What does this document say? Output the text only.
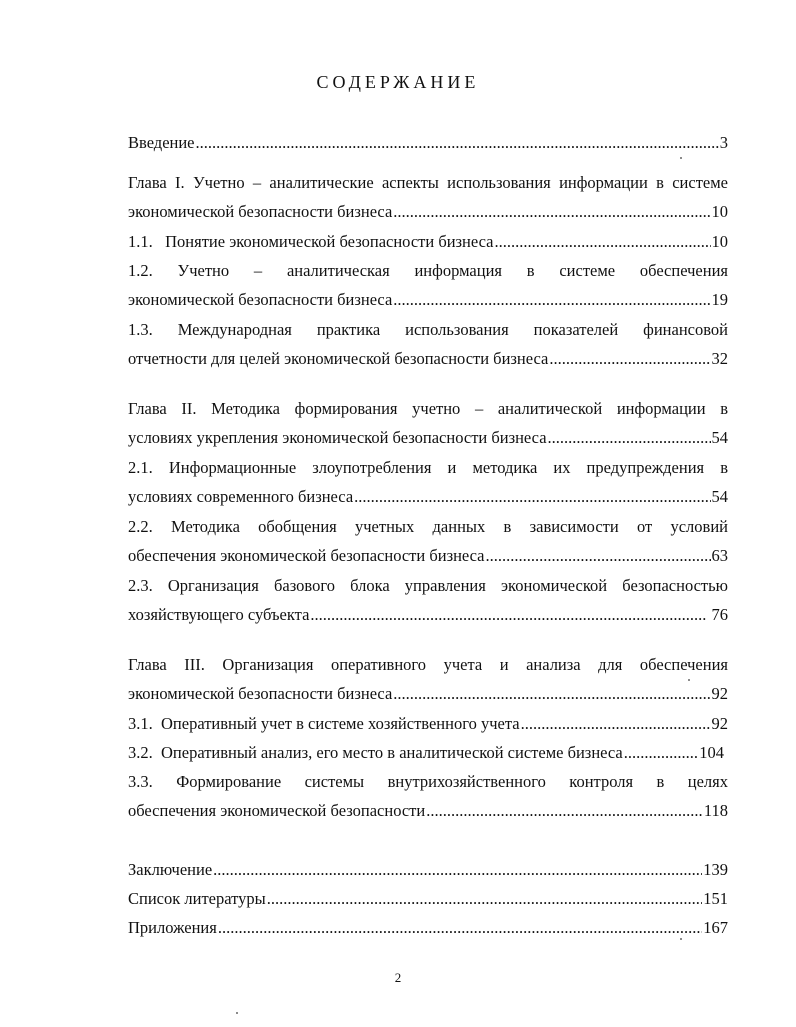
СОДЕРЖАНИЕ
Введение .....	3
Глава I. Учетно – аналитические аспекты использования информации в системе
экономической безопасности бизнеса .....	10
1.1.   Понятие экономической безопасности бизнеса .....	10
1.2. Учетно – аналитическая информация в системе обеспечения
экономической безопасности бизнеса .....	19
1.3. Международная практика использования показателей финансовой
отчетности для целей экономической безопасности бизнеса .....	32
Глава II. Методика формирования учетно – аналитической информации в
условиях укрепления экономической безопасности бизнеса .....	54
2.1. Информационные злоупотребления и методика их предупреждения в
условиях современного бизнеса .....	54
2.2. Методика обобщения учетных данных в зависимости от условий
обеспечения экономической безопасности бизнеса .....	63
2.3. Организация базового блока управления экономической безопасностью
хозяйствующего субъекта .....	76
Глава III. Организация оперативного учета и анализа для обеспечения
экономической безопасности бизнеса .....	92
3.1.  Оперативный учет в системе хозяйственного учета .....	92
3.2.  Оперативный анализ, его место в аналитической системе бизнеса .....	104
3.3. Формирование системы внутрихозяйственного контроля в целях
обеспечения экономической безопасности .....	118
Заключение .....	139
Список литературы .....	151
Приложения .....	167
2
